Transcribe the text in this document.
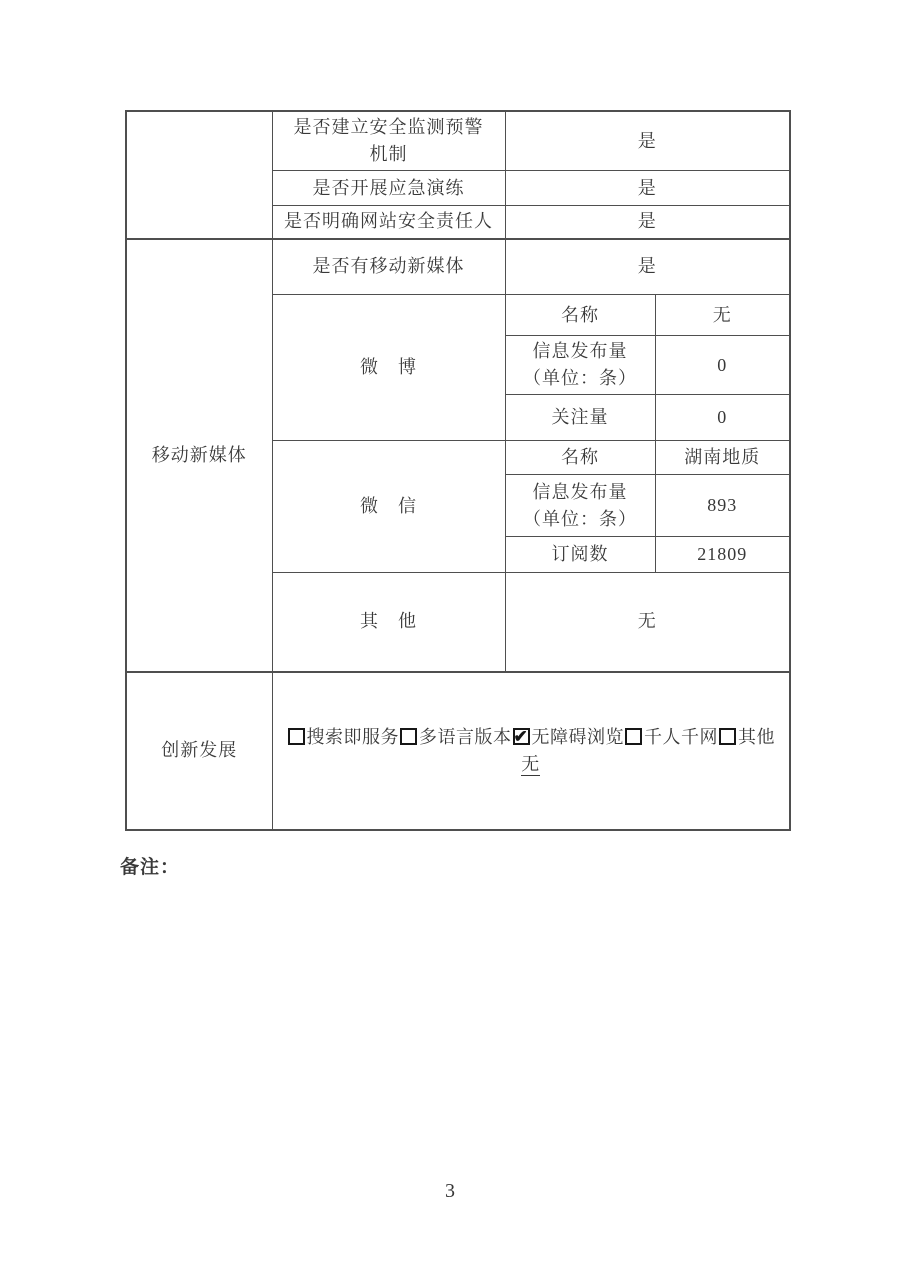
	是否建立安全监测预警
机制	是	
	是否开展应急演练	是	
	是否明确网站安全责任人	是	
移动新媒体	是否有移动新媒体	是	
	微　博	名称	无

		信息发布量
（单位：条）	0
		关注量	0
	微　信	名称	湖南地质

		信息发布量
（单位：条）	893
		订阅数	21809
	其　他	无	
创新发展	搜索即服务 多语言版本 ✔ 无障碍浏览 千人千网 其他
无
备注：
3
